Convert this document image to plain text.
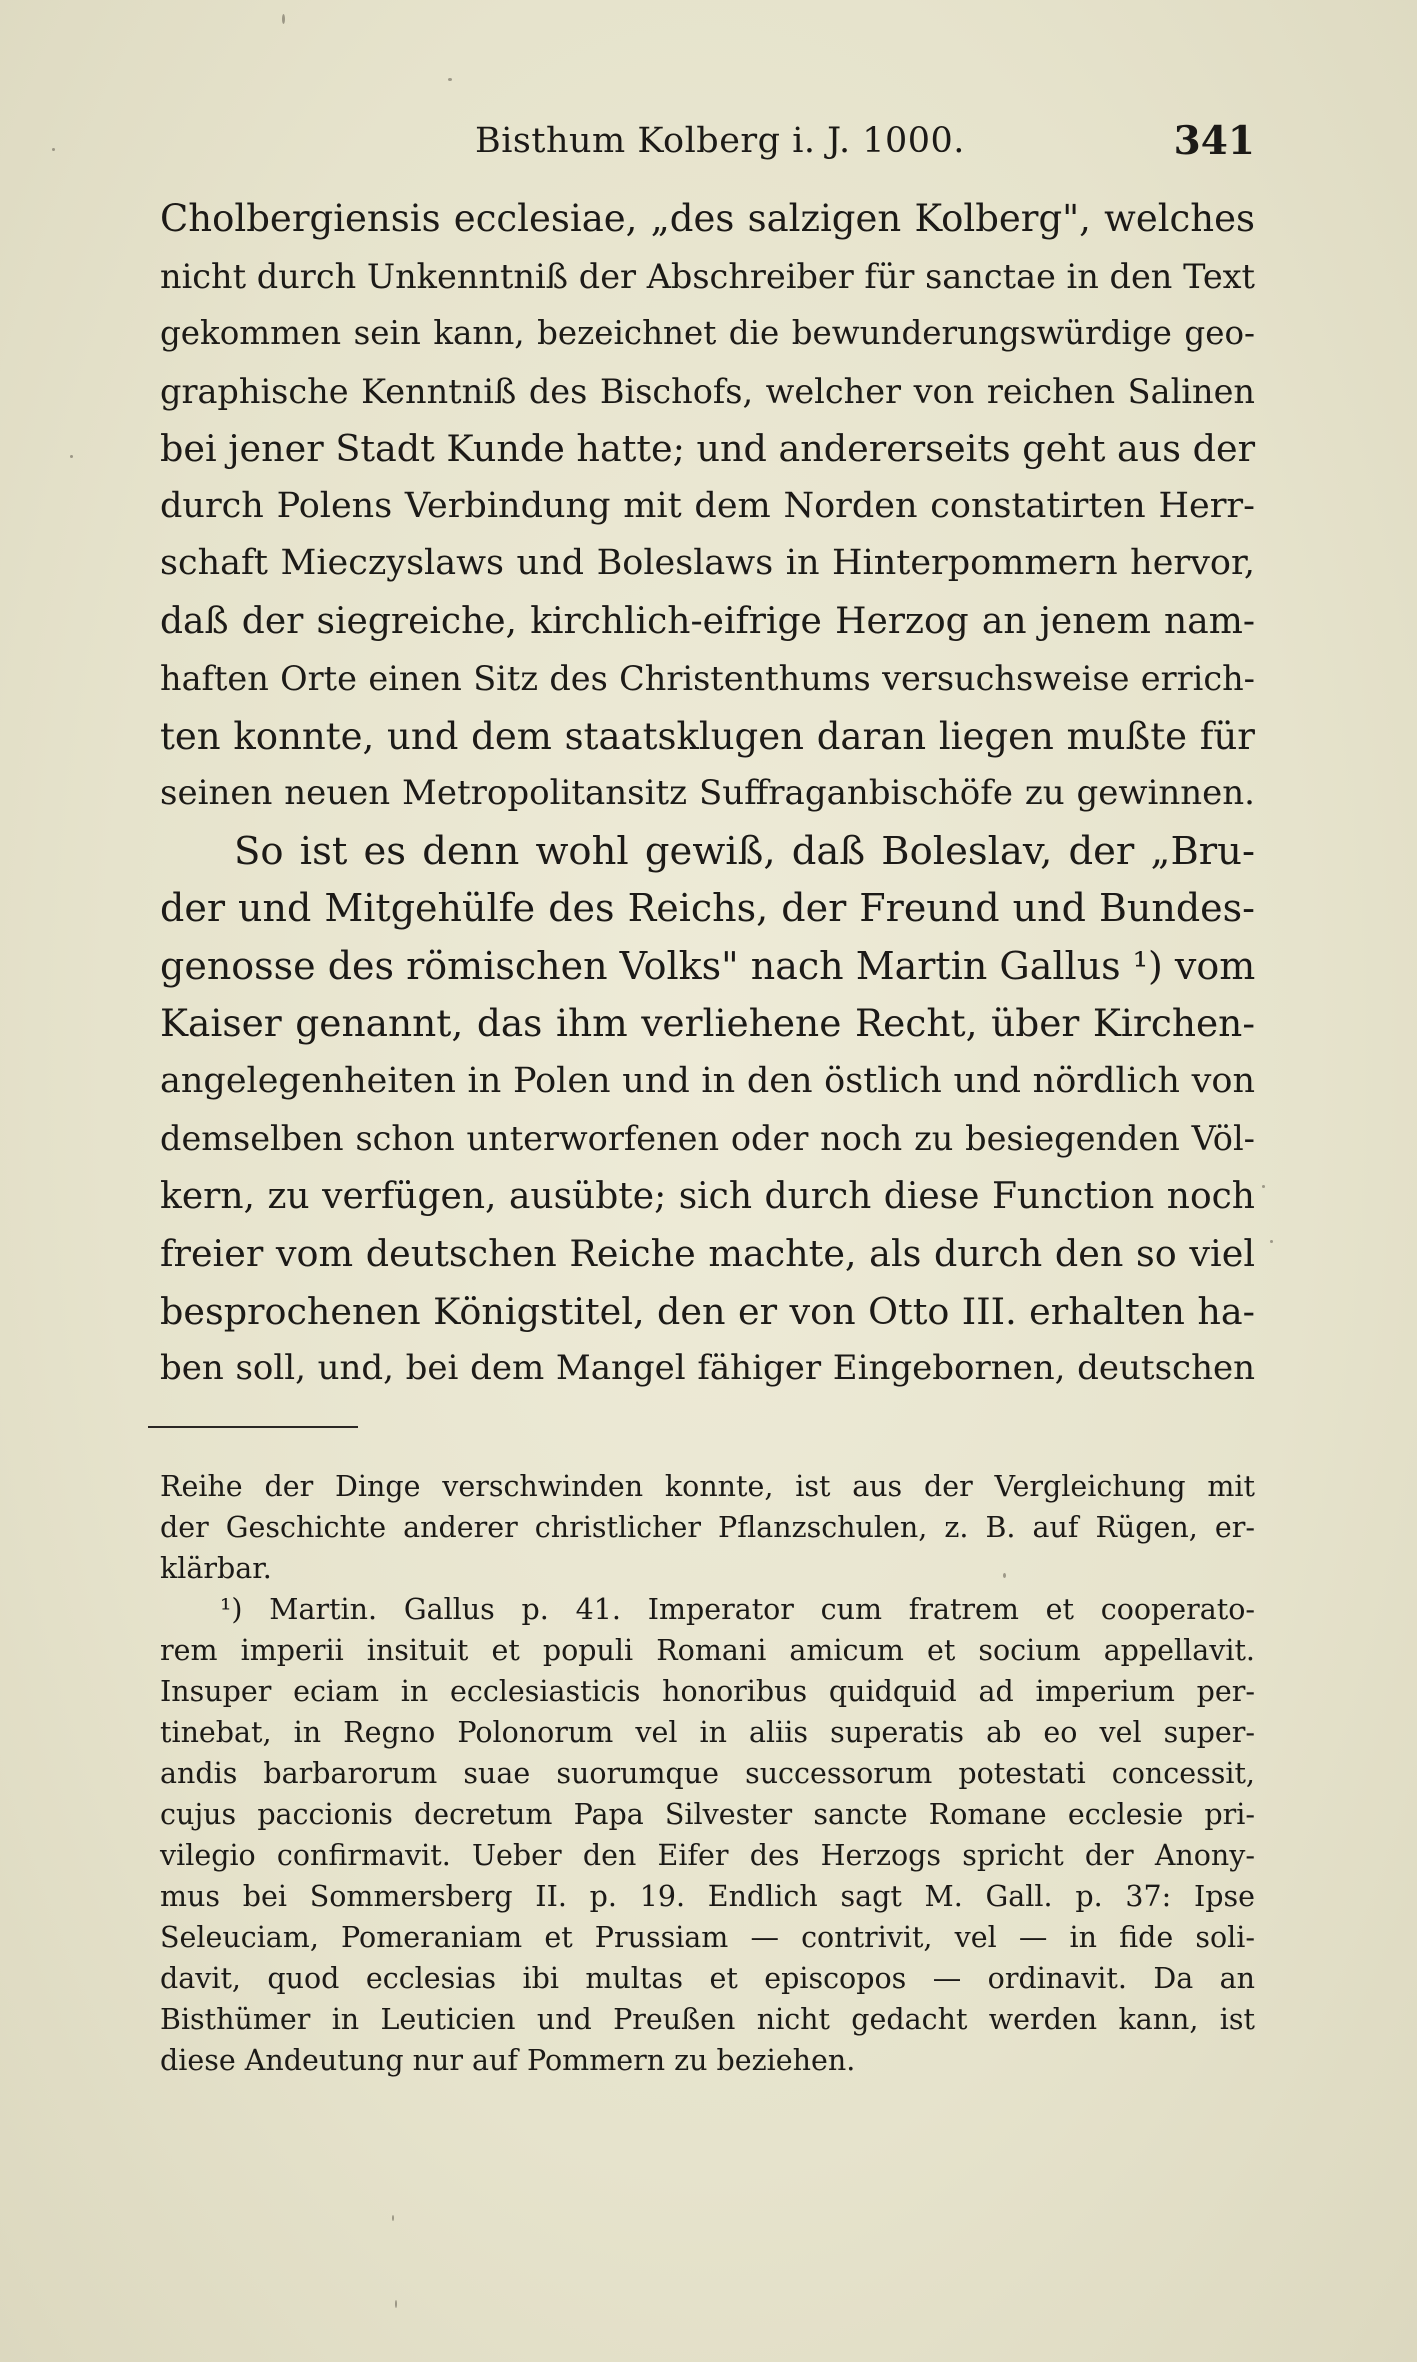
Bisthum Kolberg i. J. 1000.	341
Cholbergiensis ecclesiae, „des salzigen Kolberg", welches
nicht durch Unkenntniß der Abschreiber für sanctae in den Text
gekommen sein kann, bezeichnet die bewunderungswürdige geo-
graphische Kenntniß des Bischofs, welcher von reichen Salinen
bei jener Stadt Kunde hatte; und andererseits geht aus der
durch Polens Verbindung mit dem Norden constatirten Herr-
schaft Mieczyslaws und Boleslaws in Hinterpommern hervor,
daß der siegreiche, kirchlich-eifrige Herzog an jenem nam-
haften Orte einen Sitz des Christenthums versuchsweise errich-
ten konnte, und dem staatsklugen daran liegen mußte für
seinen neuen Metropolitansitz Suffraganbischöfe zu gewinnen.
So ist es denn wohl gewiß, daß Boleslav, der „Bru-
der und Mitgehülfe des Reichs, der Freund und Bundes-
genosse des römischen Volks" nach Martin Gallus ¹) vom
Kaiser genannt, das ihm verliehene Recht, über Kirchen-
angelegenheiten in Polen und in den östlich und nördlich von
demselben schon unterworfenen oder noch zu besiegenden Völ-
kern, zu verfügen, ausübte; sich durch diese Function noch
freier vom deutschen Reiche machte, als durch den so viel
besprochenen Königstitel, den er von Otto III. erhalten ha-
ben soll, und, bei dem Mangel fähiger Eingebornen, deutschen
Reihe der Dinge verschwinden konnte, ist aus der Vergleichung mit
der Geschichte anderer christlicher Pflanzschulen, z. B. auf Rügen, er-
klärbar.
¹) Martin. Gallus p. 41. Imperator cum fratrem et cooperato-
rem imperii insituit et populi Romani amicum et socium appellavit.
Insuper eciam in ecclesiasticis honoribus quidquid ad imperium per-
tinebat, in Regno Polonorum vel in aliis superatis ab eo vel super-
andis barbarorum suae suorumque successorum potestati concessit,
cujus paccionis decretum Papa Silvester sancte Romane ecclesie pri-
vilegio confirmavit. Ueber den Eifer des Herzogs spricht der Anony-
mus bei Sommersberg II. p. 19. Endlich sagt M. Gall. p. 37: Ipse
Seleuciam, Pomeraniam et Prussiam — contrivit, vel — in fide soli-
davit, quod ecclesias ibi multas et episcopos — ordinavit. Da an
Bisthümer in Leuticien und Preußen nicht gedacht werden kann, ist
diese Andeutung nur auf Pommern zu beziehen.
